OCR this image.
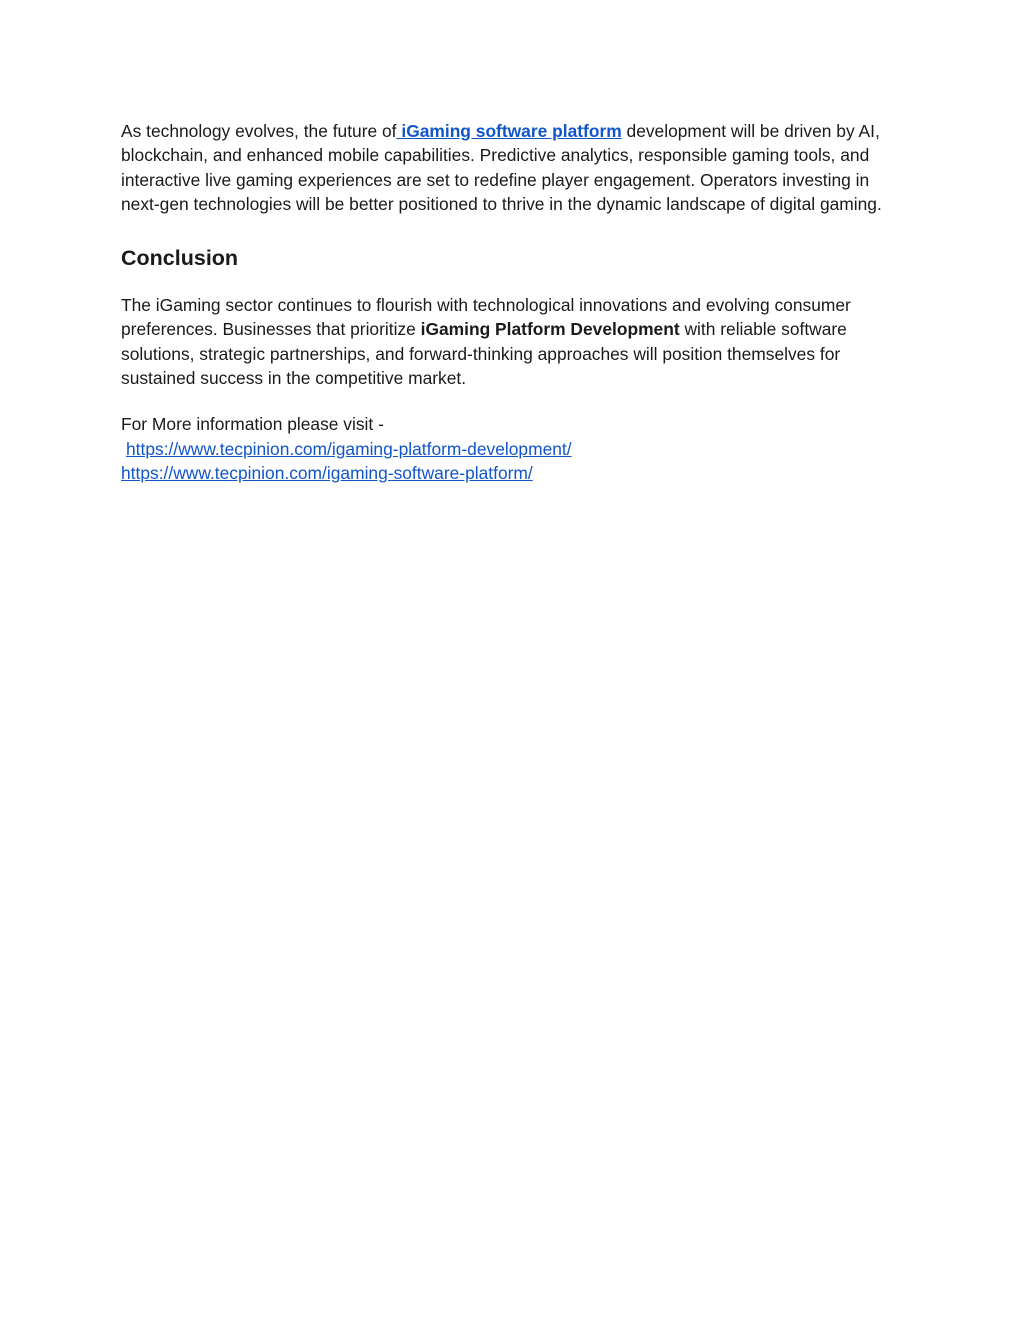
As technology evolves, the future of iGaming software platform development will be driven by AI, blockchain, and enhanced mobile capabilities. Predictive analytics, responsible gaming tools, and interactive live gaming experiences are set to redefine player engagement. Operators investing in next-gen technologies will be better positioned to thrive in the dynamic landscape of digital gaming.

Conclusion

The iGaming sector continues to flourish with technological innovations and evolving consumer preferences. Businesses that prioritize iGaming Platform Development with reliable software solutions, strategic partnerships, and forward-thinking approaches will position themselves for sustained success in the competitive market.

For More information please visit -
https://www.tecpinion.com/igaming-platform-development/
https://www.tecpinion.com/igaming-software-platform/
